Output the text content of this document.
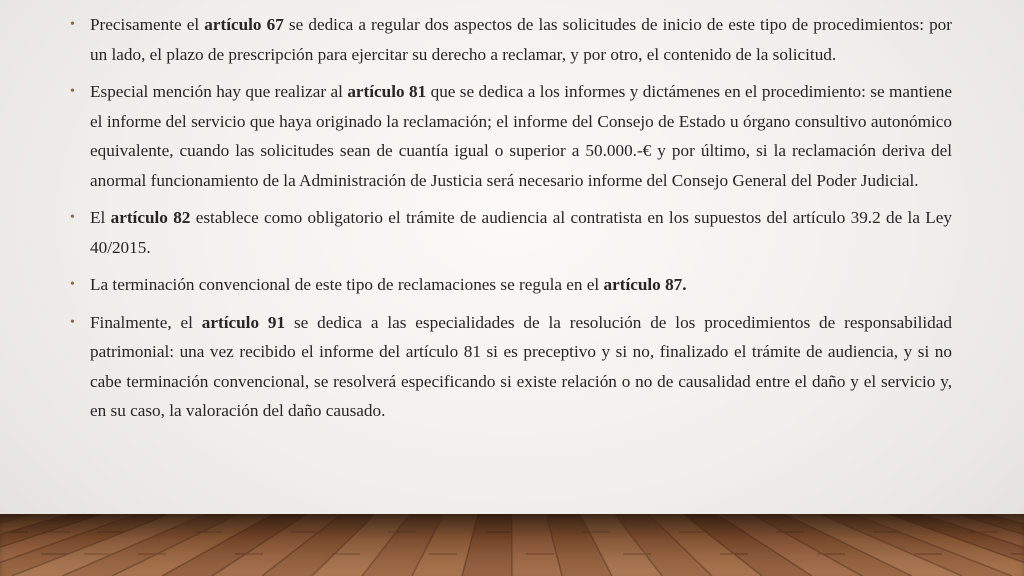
• Precisamente el artículo 67 se dedica a regular dos aspectos de las solicitudes de inicio de este tipo de procedimientos: por un lado, el plazo de prescripción para ejercitar su derecho a reclamar, y por otro, el contenido de la solicitud.
• Especial mención hay que realizar al artículo 81 que se dedica a los informes y dictámenes en el procedimiento: se mantiene el informe del servicio que haya originado la reclamación; el informe del Consejo de Estado u órgano consultivo autonómico equivalente, cuando las solicitudes sean de cuantía igual o superior a 50.000.-€ y por último, si la reclamación deriva del anormal funcionamiento de la Administración de Justicia será necesario informe del Consejo General del Poder Judicial.
• El artículo 82 establece como obligatorio el trámite de audiencia al contratista en los supuestos del artículo 39.2 de la Ley 40/2015.
• La terminación convencional de este tipo de reclamaciones se regula en el artículo 87.
• Finalmente, el artículo 91 se dedica a las especialidades de la resolución de los procedimientos de responsabilidad patrimonial: una vez recibido el informe del artículo 81 si es preceptivo y si no, finalizado el trámite de audiencia, y si no cabe terminación convencional, se resolverá especificando si existe relación o no de causalidad entre el daño y el servicio y, en su caso, la valoración del daño causado.
